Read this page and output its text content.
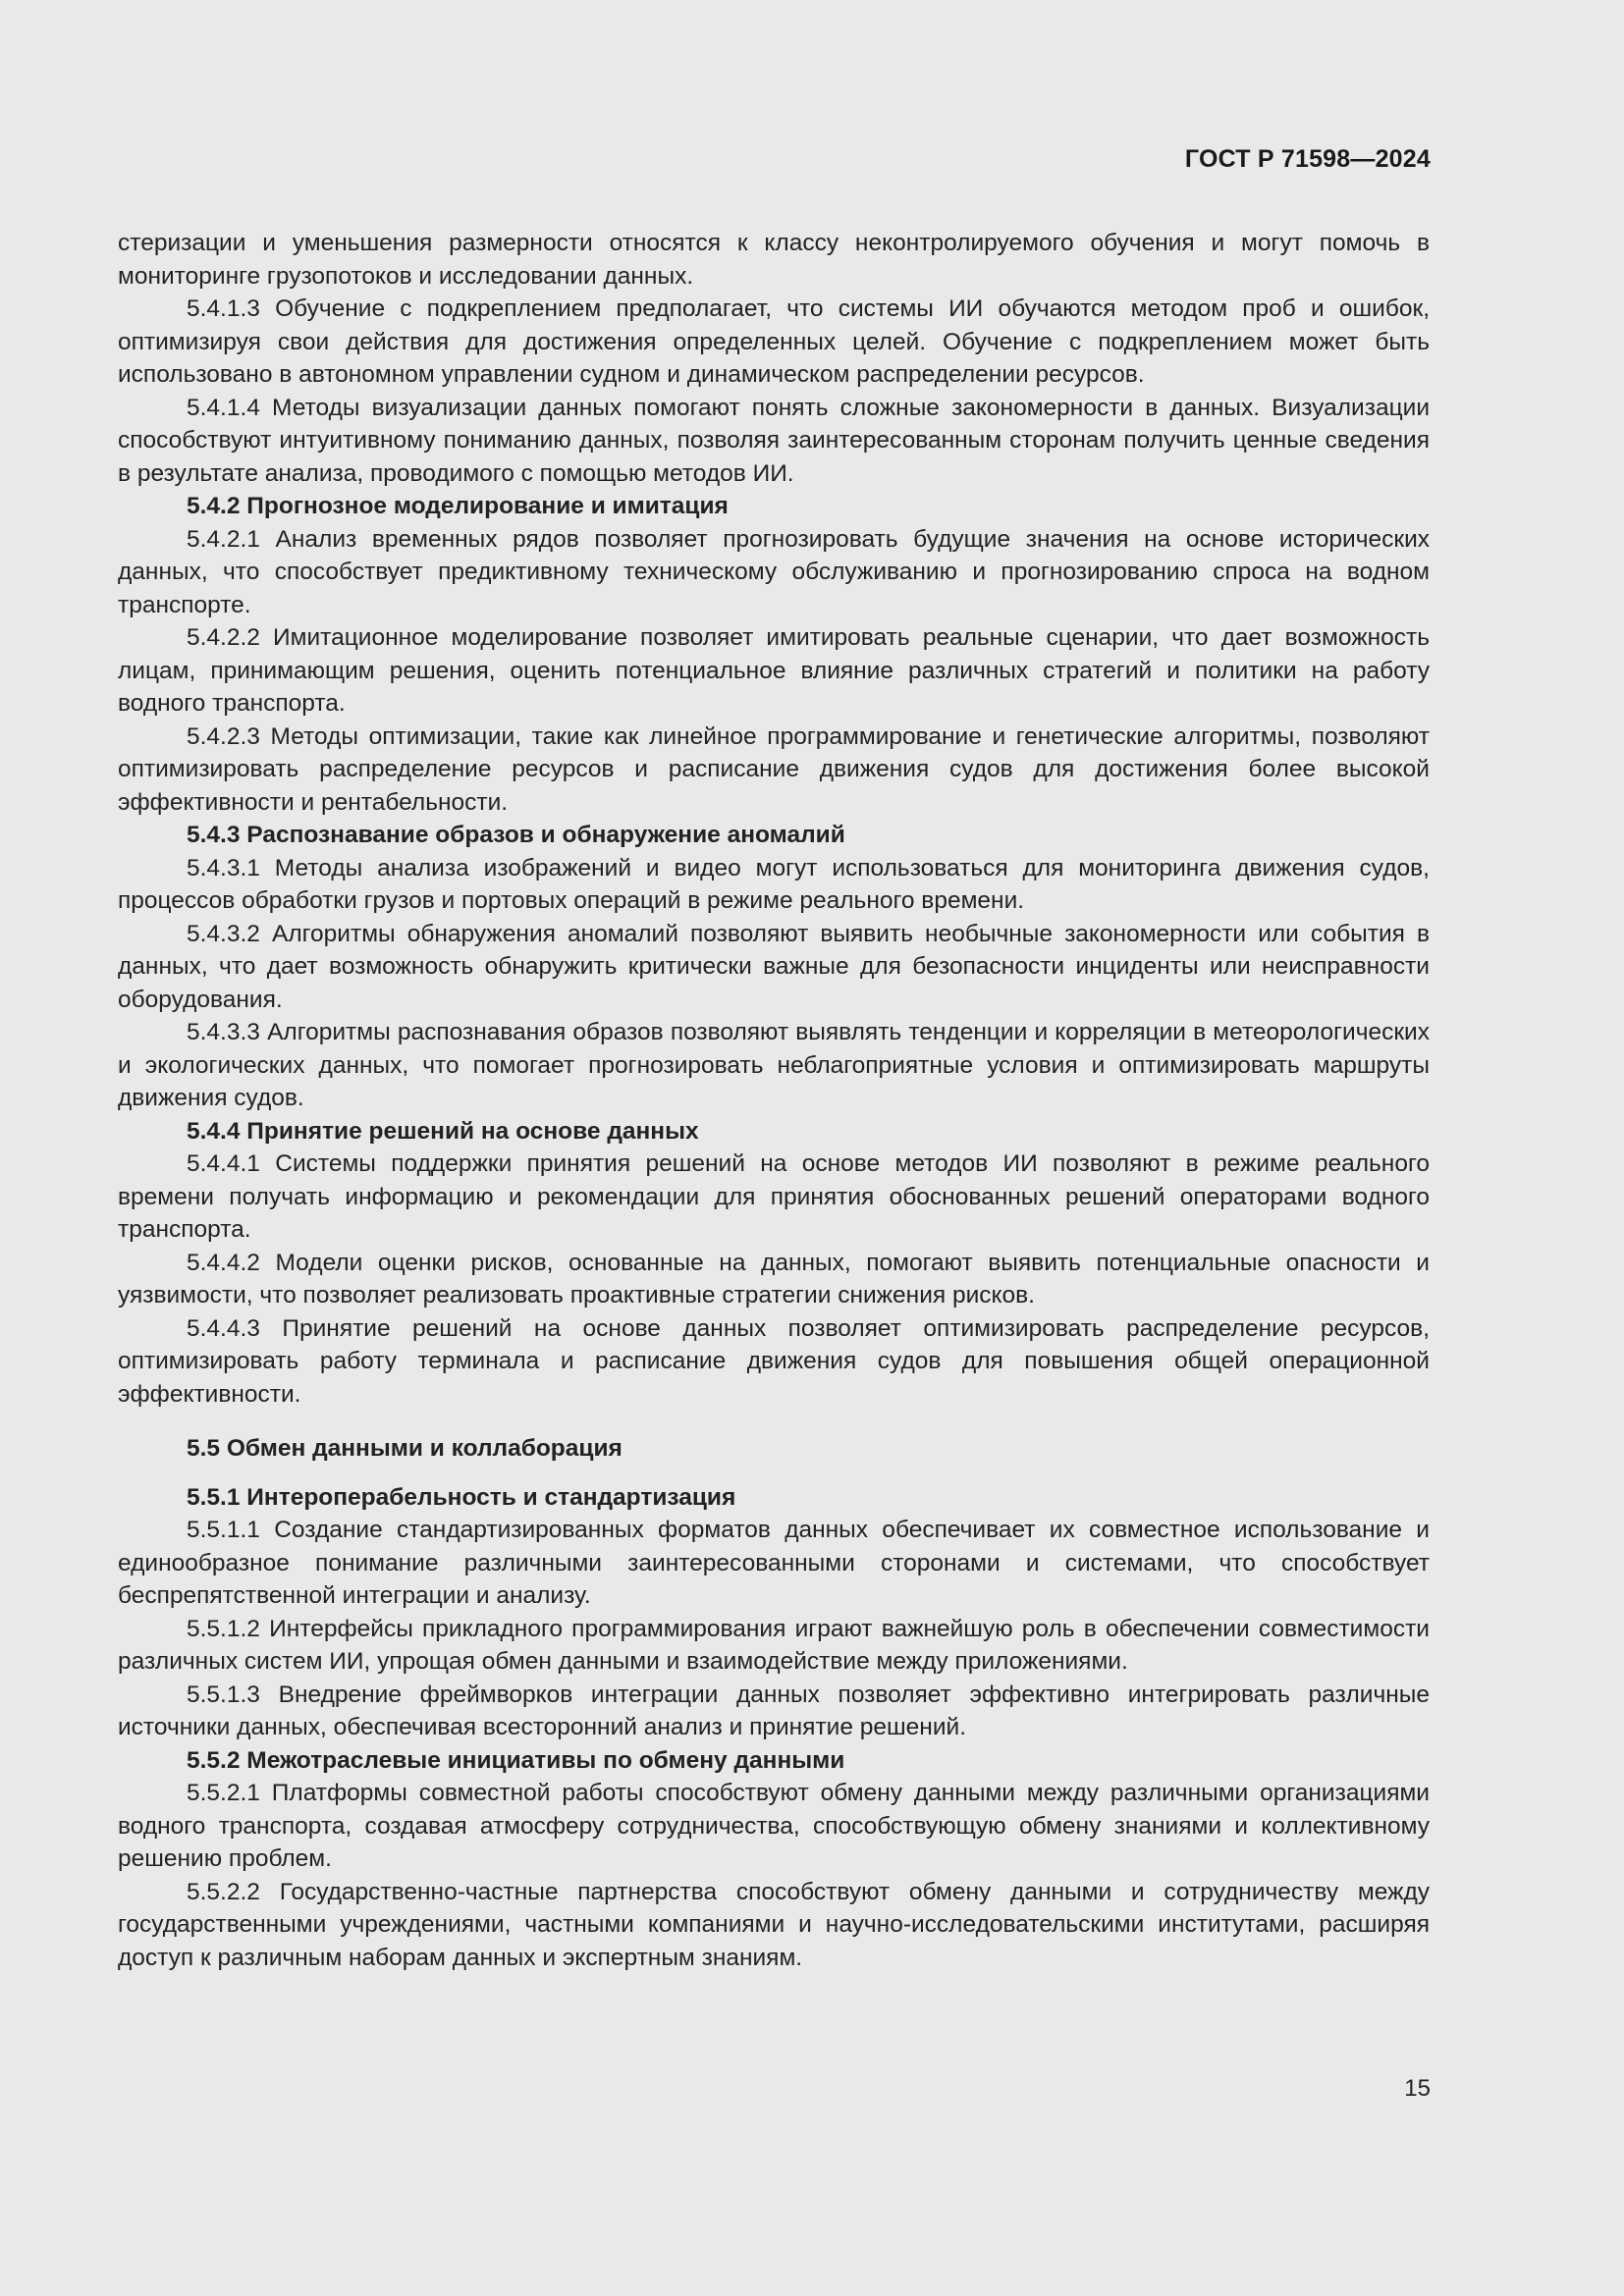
ГОСТ Р 71598—2024

стеризации и уменьшения размерности относятся к классу неконтролируемого обучения и могут помочь в мониторинге грузопотоков и исследовании данных.

5.4.1.3 Обучение с подкреплением предполагает, что системы ИИ обучаются методом проб и ошибок, оптимизируя свои действия для достижения определенных целей. Обучение с подкреплением может быть использовано в автономном управлении судном и динамическом распределении ресурсов.

5.4.1.4 Методы визуализации данных помогают понять сложные закономерности в данных. Визуализации способствуют интуитивному пониманию данных, позволяя заинтересованным сторонам получить ценные сведения в результате анализа, проводимого с помощью методов ИИ.

5.4.2 Прогнозное моделирование и имитация

5.4.2.1 Анализ временных рядов позволяет прогнозировать будущие значения на основе исторических данных, что способствует предиктивному техническому обслуживанию и прогнозированию спроса на водном транспорте.

5.4.2.2 Имитационное моделирование позволяет имитировать реальные сценарии, что дает возможность лицам, принимающим решения, оценить потенциальное влияние различных стратегий и политики на работу водного транспорта.

5.4.2.3 Методы оптимизации, такие как линейное программирование и генетические алгоритмы, позволяют оптимизировать распределение ресурсов и расписание движения судов для достижения более высокой эффективности и рентабельности.

5.4.3 Распознавание образов и обнаружение аномалий

5.4.3.1 Методы анализа изображений и видео могут использоваться для мониторинга движения судов, процессов обработки грузов и портовых операций в режиме реального времени.

5.4.3.2 Алгоритмы обнаружения аномалий позволяют выявить необычные закономерности или события в данных, что дает возможность обнаружить критически важные для безопасности инциденты или неисправности оборудования.

5.4.3.3 Алгоритмы распознавания образов позволяют выявлять тенденции и корреляции в метеорологических и экологических данных, что помогает прогнозировать неблагоприятные условия и оптимизировать маршруты движения судов.

5.4.4 Принятие решений на основе данных

5.4.4.1 Системы поддержки принятия решений на основе методов ИИ позволяют в режиме реального времени получать информацию и рекомендации для принятия обоснованных решений операторами водного транспорта.

5.4.4.2 Модели оценки рисков, основанные на данных, помогают выявить потенциальные опасности и уязвимости, что позволяет реализовать проактивные стратегии снижения рисков.

5.4.4.3 Принятие решений на основе данных позволяет оптимизировать распределение ресурсов, оптимизировать работу терминала и расписание движения судов для повышения общей операционной эффективности.

5.5 Обмен данными и коллаборация

5.5.1 Интероперабельность и стандартизация

5.5.1.1 Создание стандартизированных форматов данных обеспечивает их совместное использование и единообразное понимание различными заинтересованными сторонами и системами, что способствует беспрепятственной интеграции и анализу.

5.5.1.2 Интерфейсы прикладного программирования играют важнейшую роль в обеспечении совместимости различных систем ИИ, упрощая обмен данными и взаимодействие между приложениями.

5.5.1.3 Внедрение фреймворков интеграции данных позволяет эффективно интегрировать различные источники данных, обеспечивая всесторонний анализ и принятие решений.

5.5.2 Межотраслевые инициативы по обмену данными

5.5.2.1 Платформы совместной работы способствуют обмену данными между различными организациями водного транспорта, создавая атмосферу сотрудничества, способствующую обмену знаниями и коллективному решению проблем.

5.5.2.2 Государственно-частные партнерства способствуют обмену данными и сотрудничеству между государственными учреждениями, частными компаниями и научно-исследовательскими институтами, расширяя доступ к различным наборам данных и экспертным знаниям.

15
